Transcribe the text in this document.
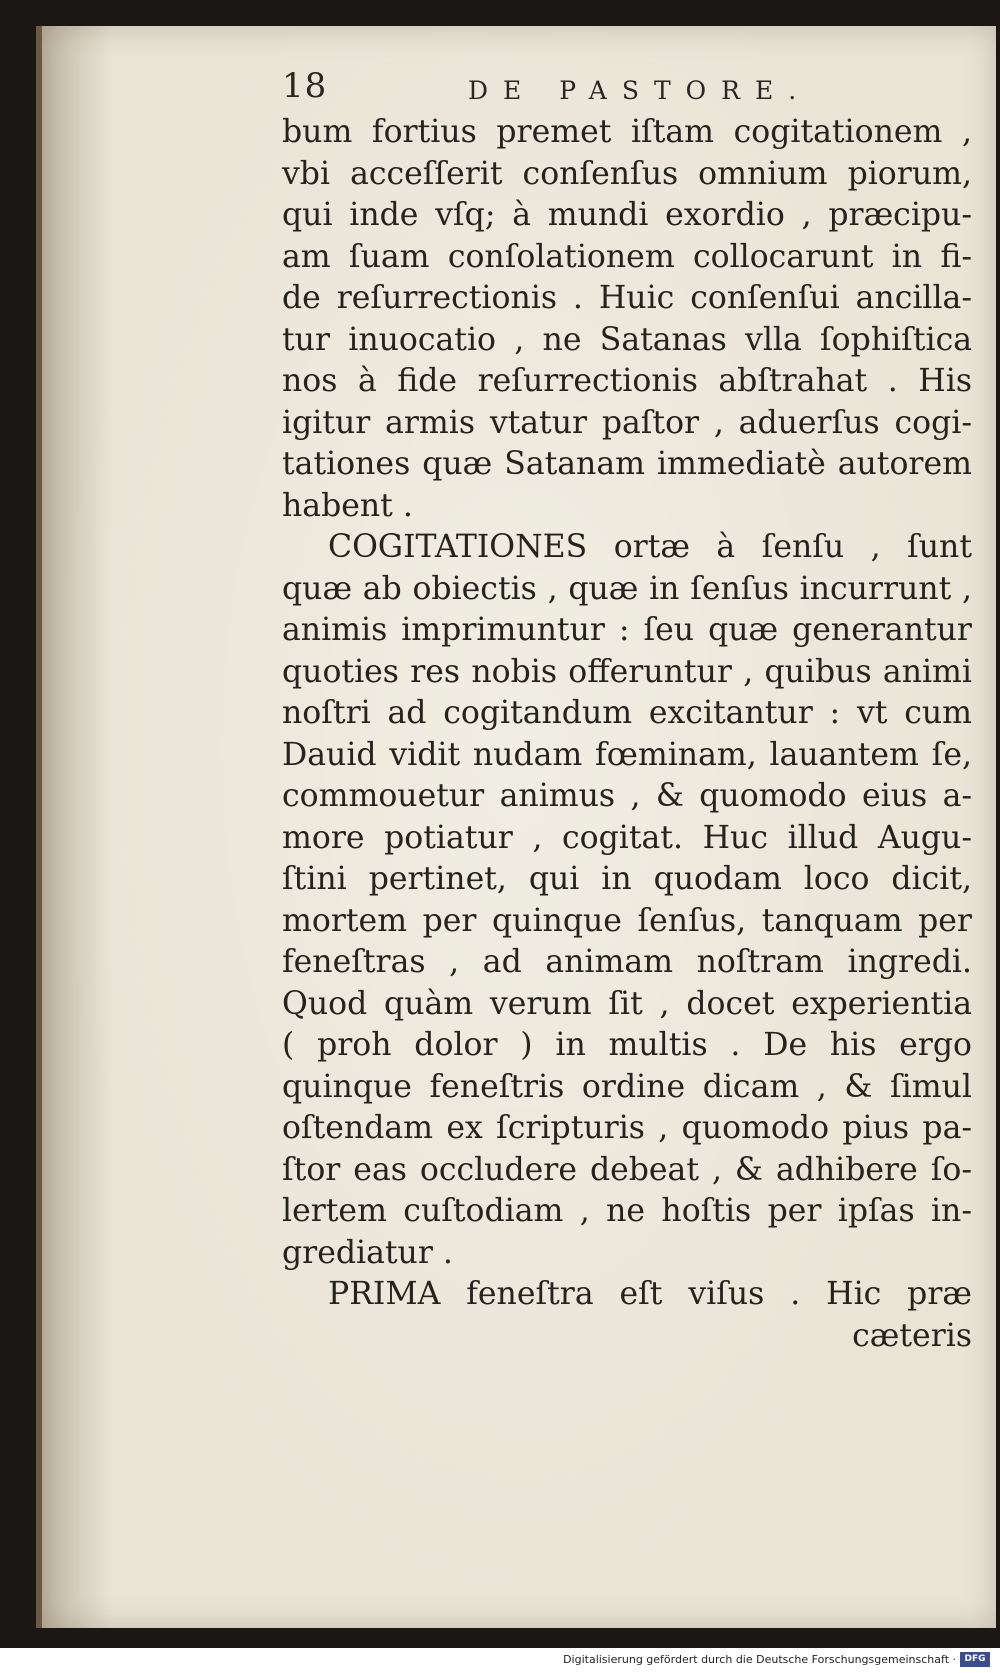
18	DE PASTORE.
bum fortius premet iſtam cogitationem ,
vbi acceſſerit conſenſus omnium piorum,
qui inde vſq; à mundi exordio , præcipu-
am ſuam conſolationem collocarunt in fi-
de reſurrectionis . Huic conſenſui ancilla-
tur inuocatio , ne Satanas vlla ſophiſtica
nos à fide reſurrectionis abſtrahat . His
igitur armis vtatur paſtor , aduerſus cogi-
tationes quæ Satanam immediatè autorem
habent .
COGITATIONES ortæ à ſenſu , ſunt
quæ ab obiectis , quæ in ſenſus incurrunt ,
animis imprimuntur : ſeu quæ generantur
quoties res nobis offeruntur , quibus animi
noſtri ad cogitandum excitantur : vt cum
Dauid vidit nudam fœminam, lauantem ſe,
commouetur animus , & quomodo eius a-
more potiatur , cogitat. Huc illud Augu-
ſtini pertinet, qui in quodam loco dicit,
mortem per quinque ſenſus, tanquam per
feneſtras , ad animam noſtram ingredi.
Quod quàm verum ſit , docet experientia
( proh dolor ) in multis . De his ergo
quinque feneſtris ordine dicam , & ſimul
oſtendam ex ſcripturis , quomodo pius pa-
ſtor eas occludere debeat , & adhibere ſo-
lertem cuſtodiam , ne hoſtis per ipſas in-
grediatur .
PRIMA feneſtra eſt viſus . Hic præ
cæteris
Digitalisierung gefördert durch die Deutsche Forschungsgemeinschaft · DFG
